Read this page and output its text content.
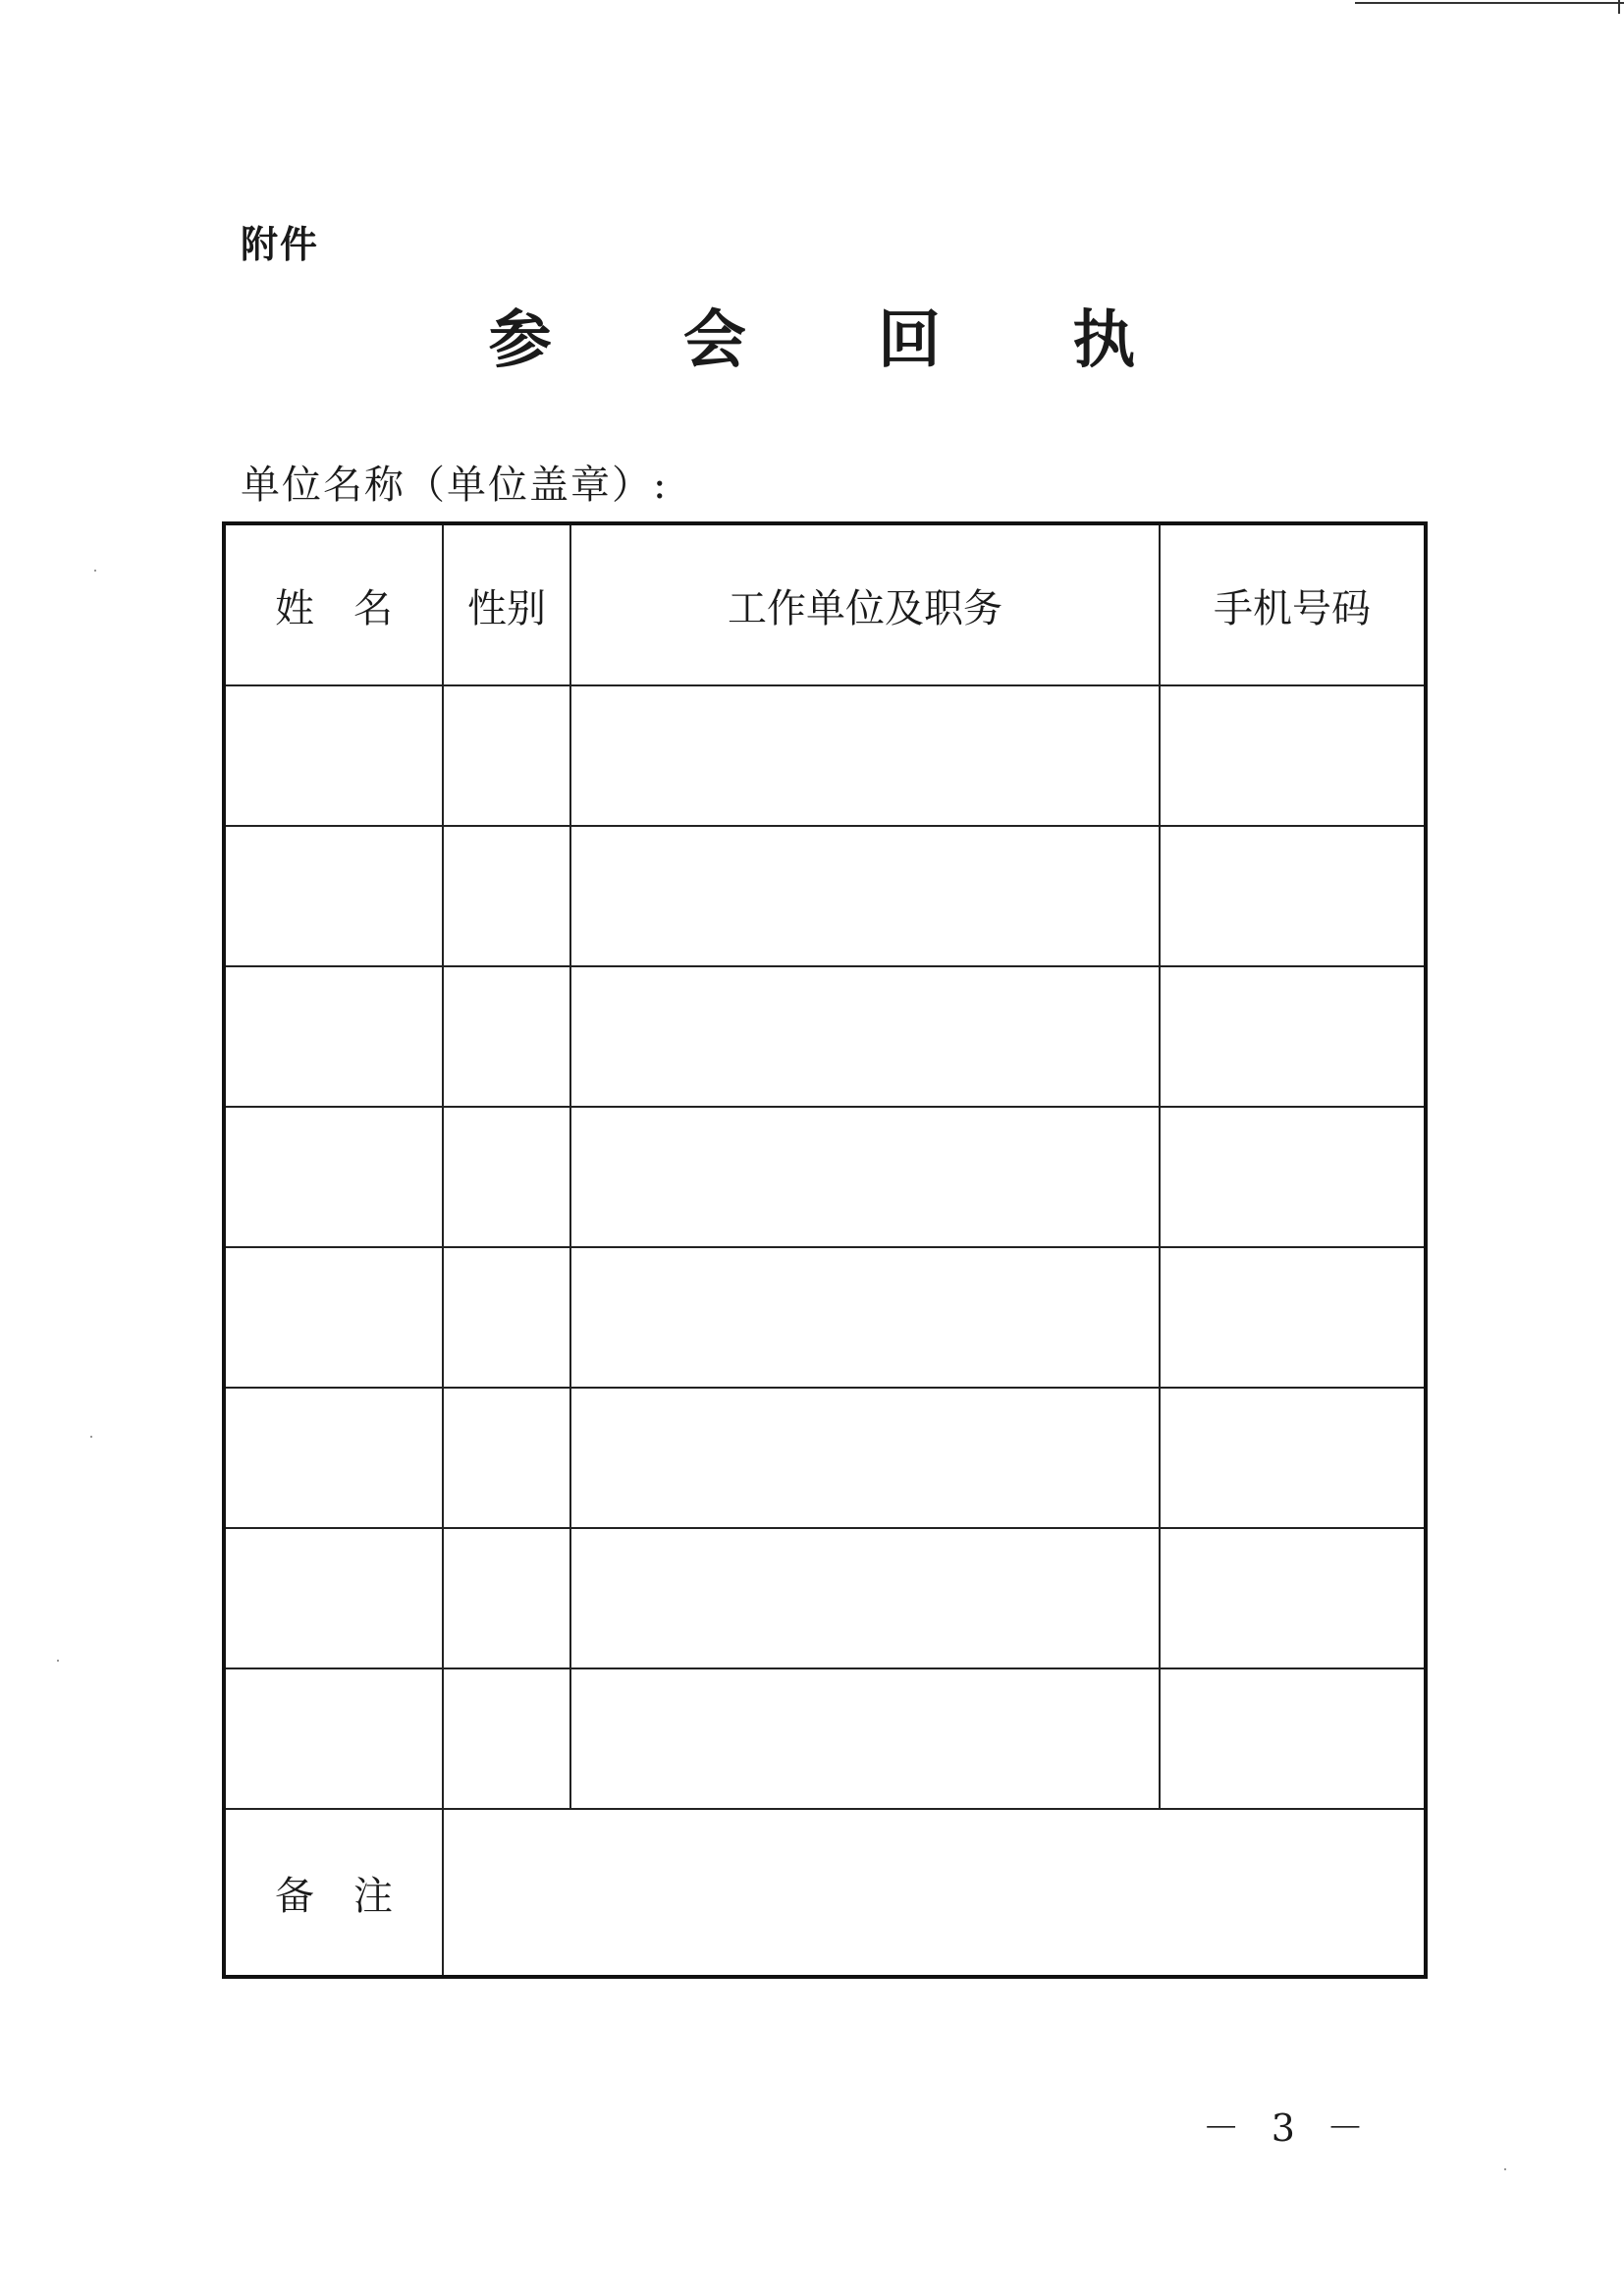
附件
参 会 回 执
单位名称（单位盖章）:
姓　名	性别	工作单位及职务	手机号码

备　注			
－ 3 －
